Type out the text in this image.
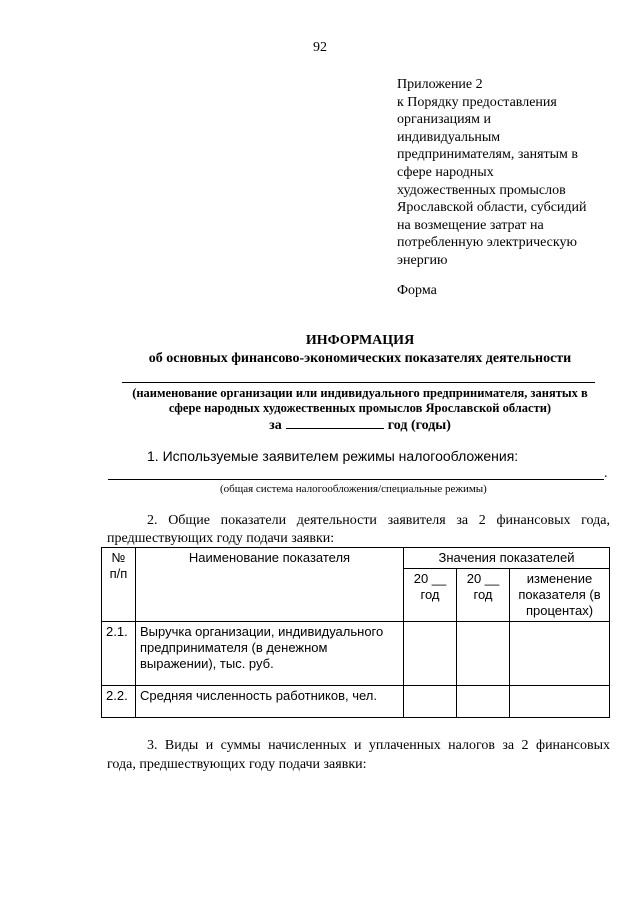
92
Приложение 2
к Порядку предоставления
организациям и
индивидуальным
предпринимателям, занятым в
сфере народных
художественных промыслов
Ярославской области, субсидий
на возмещение затрат на
потребленную электрическую
энергию
Форма
ИНФОРМАЦИЯ
об основных финансово-экономических показателях деятельности
(наименование организации или индивидуального предпринимателя, занятых в
сфере народных художественных промыслов Ярославской области)
за	год (годы)
1. Используемые заявителем режимы налогообложения:
.
(общая система налогообложения/специальные режимы)
2. Общие показатели деятельности заявителя за 2 финансовых года,
предшествующих году подачи заявки:
№ п/п	Наименование показателя	Значения показателей		
		20 __ год	20 __ год	изменение показателя (в процентах)
2.1.	Выручка организации, индивидуального предпринимателя (в денежном выражении), тыс. руб.			
2.2.	Средняя численность работников, чел.			
3. Виды и суммы начисленных и уплаченных налогов за 2 финансовых
года, предшествующих году подачи заявки:
